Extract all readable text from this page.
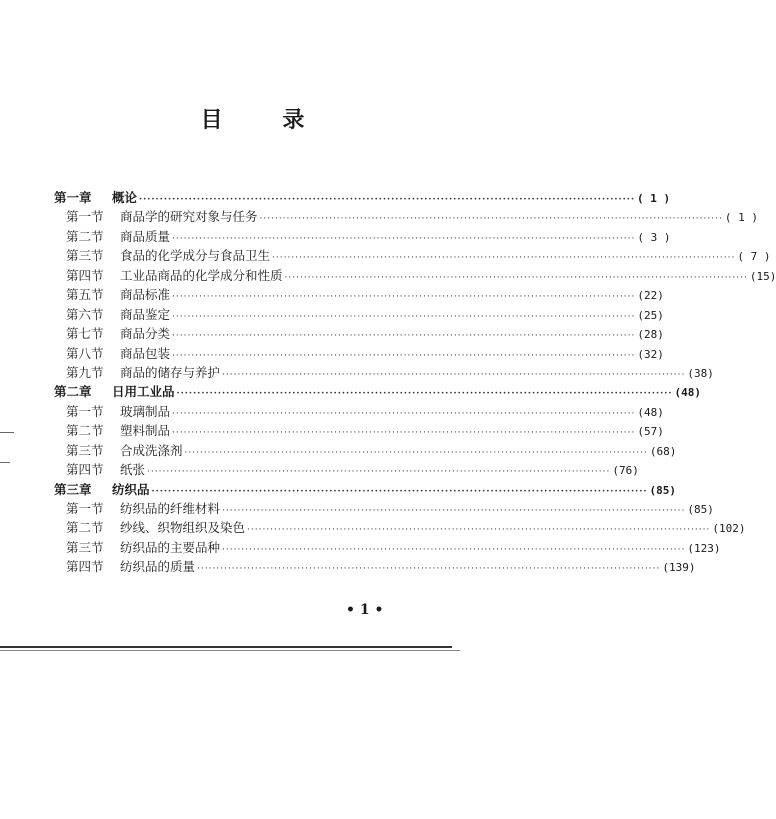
目 录
第一章	概论 ························································································································ ( 1 )
第一节	商品学的研究对象与任务 ························································································································ ( 1 )
第二节	商品质量 ························································································································ ( 3 )
第三节	食品的化学成分与食品卫生 ························································································································ ( 7 )
第四节	工业品商品的化学成分和性质 ························································································································ (15)
第五节	商品标准 ························································································································ (22)
第六节	商品鉴定 ························································································································ (25)
第七节	商品分类 ························································································································ (28)
第八节	商品包装 ························································································································ (32)
第九节	商品的储存与养护 ························································································································ (38)
第二章	日用工业品 ························································································································ (48)
第一节	玻璃制品 ························································································································ (48)
第二节	塑料制品 ························································································································ (57)
第三节	合成洗涤剂 ························································································································ (68)
第四节	纸张 ························································································································ (76)
第三章	纺织品 ························································································································ (85)
第一节	纺织品的纤维材料 ························································································································ (85)
第二节	纱线、织物组织及染色 ························································································································ (102)
第三节	纺织品的主要品种 ························································································································ (123)
第四节	纺织品的质量 ························································································································ (139)
• 1 •
